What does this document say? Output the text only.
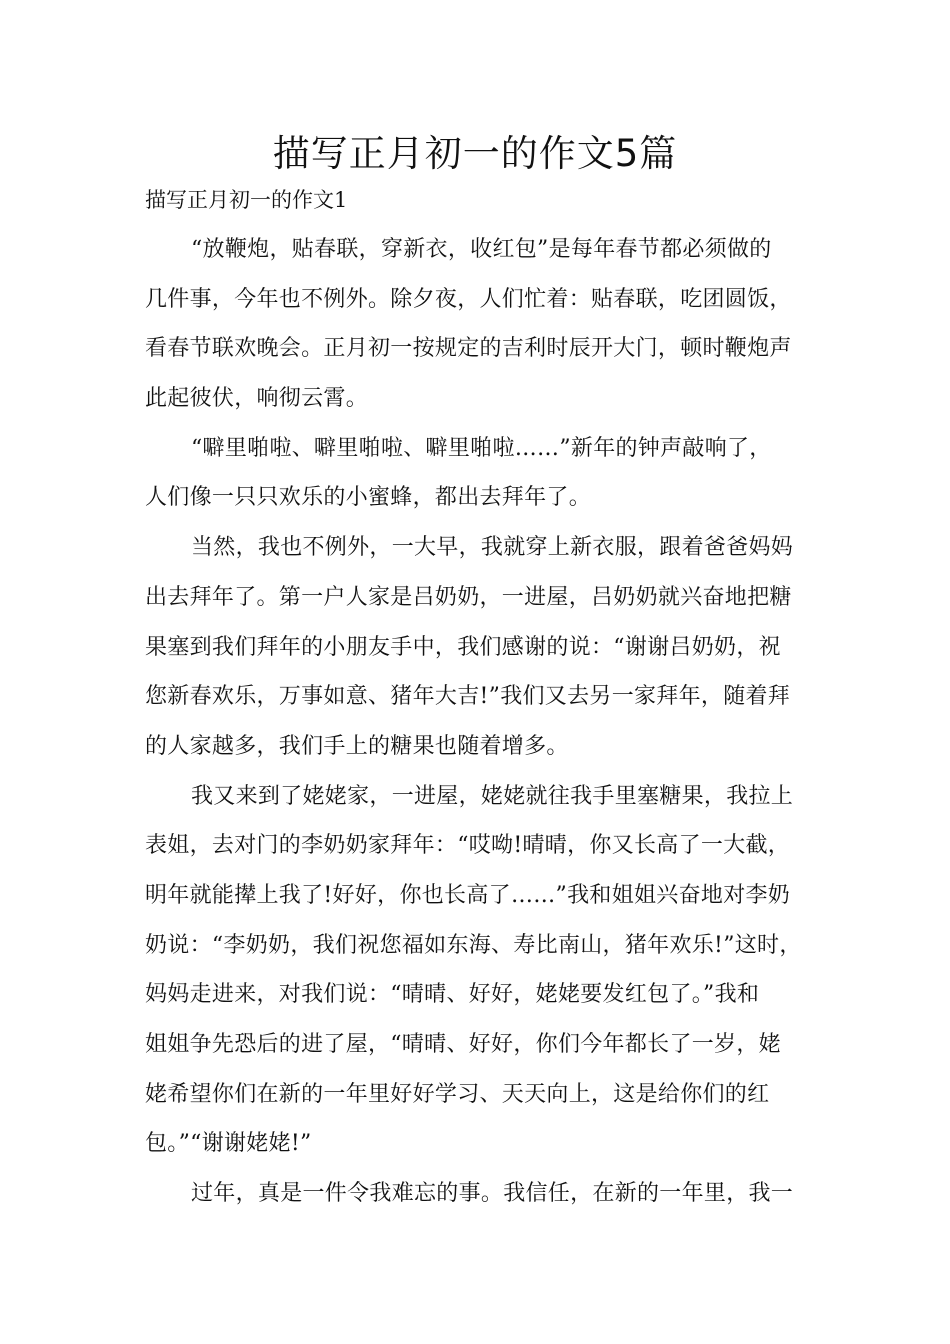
描写正月初一的作文5篇

描写正月初一的作文1

“放鞭炮，贴春联，穿新衣，收红包”是每年春节都必须做的
几件事，今年也不例外。除夕夜，人们忙着：贴春联，吃团圆饭，
看春节联欢晚会。正月初一按规定的吉利时辰开大门，顿时鞭炮声
此起彼伏，响彻云霄。
“噼里啪啦、噼里啪啦、噼里啪啦……”新年的钟声敲响了，
人们像一只只欢乐的小蜜蜂，都出去拜年了。
当然，我也不例外，一大早，我就穿上新衣服，跟着爸爸妈妈
出去拜年了。第一户人家是吕奶奶，一进屋，吕奶奶就兴奋地把糖
果塞到我们拜年的小朋友手中，我们感谢的说：“谢谢吕奶奶，祝
您新春欢乐，万事如意、猪年大吉!”我们又去另一家拜年，随着拜
的人家越多，我们手上的糖果也随着增多。
我又来到了姥姥家，一进屋，姥姥就往我手里塞糖果，我拉上
表姐，去对门的李奶奶家拜年：“哎呦!晴晴，你又长高了一大截，
明年就能撵上我了!好好，你也长高了……”我和姐姐兴奋地对李奶
奶说：“李奶奶，我们祝您福如东海、寿比南山，猪年欢乐!”这时，
妈妈走进来，对我们说：“晴晴、好好，姥姥要发红包了。”我和
姐姐争先恐后的进了屋，“晴晴、好好，你们今年都长了一岁，姥
姥希望你们在新的一年里好好学习、天天向上，这是给你们的红
包。”“谢谢姥姥!”
过年，真是一件令我难忘的事。我信任，在新的一年里，我一
